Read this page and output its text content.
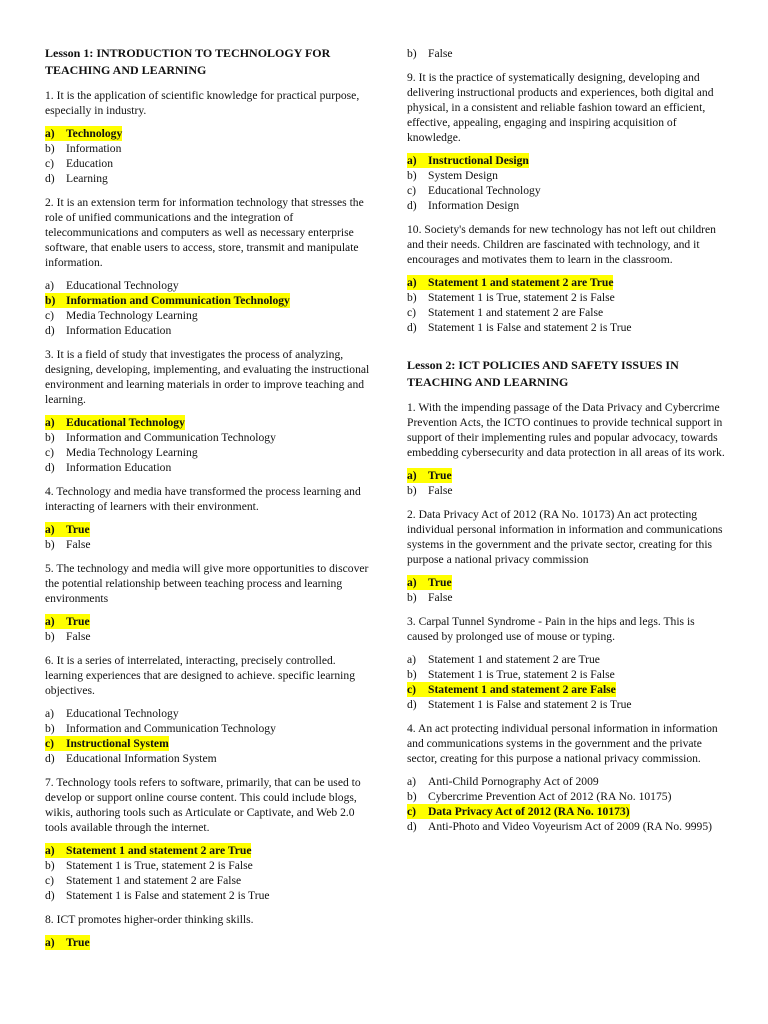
Lesson 1: INTRODUCTION TO TECHNOLOGY FOR TEACHING AND LEARNING
1. It is the application of scientific knowledge for practical purpose, especially in industry.
a) Technology
b) Information
c)	Education
d) Learning
2. It is an extension term for information technology that stresses the role of unified communications and the integration of telecommunications and computers as well as necessary enterprise software, that enable users to access, store, transmit and manipulate information.
a)	Educational Technology
b) Information and Communication Technology
c)	Media Technology Learning
d) Information Education
3. It is a field of study that investigates the process of analyzing, designing, developing, implementing, and evaluating the instructional environment and learning materials in order to improve teaching and learning.
a) Educational Technology
b) Information and Communication Technology
c)	Media Technology Learning
d) Information Education
4. Technology and media have transformed the process learning and interacting of learners with their environment.
a) True
b) False
5. The technology and media will give more opportunities to discover the potential relationship between teaching process and learning environments
a) True
b) False
6. It is a series of interrelated, interacting, precisely controlled. learning experiences that are designed to achieve. specific learning objectives.
a)	Educational Technology
b) Information and Communication Technology
c)	Instructional System
d) Educational Information System
7. Technology tools refers to software, primarily, that can be used to develop or support online course content. This could include blogs, wikis, authoring tools such as Articulate or Captivate, and Web 2.0 tools available through the internet.
a) Statement 1 and statement 2 are True
b) Statement 1 is True, statement 2 is False
c)	Statement 1 and statement 2 are False
d) Statement 1 is False and statement 2 is True
8. ICT promotes higher-order thinking skills.
a) True
b) False
9. It is the practice of systematically designing, developing and delivering instructional products and experiences, both digital and physical, in a consistent and reliable fashion toward an efficient, effective, appealing, engaging and inspiring acquisition of knowledge.
a) Instructional Design
b) System Design
c)	Educational Technology
d) Information Design
10. Society's demands for new technology has not left out children and their needs. Children are fascinated with technology, and it encourages and motivates them to learn in the classroom.
a) Statement 1 and statement 2 are True
b) Statement 1 is True, statement 2 is False
c)	Statement 1 and statement 2 are False
d) Statement 1 is False and statement 2 is True
Lesson 2: ICT POLICIES AND SAFETY ISSUES IN TEACHING AND LEARNING
1. With the impending passage of the Data Privacy and Cybercrime Prevention Acts, the ICTO continues to provide technical support in support of their implementing rules and popular advocacy, towards embedding cybersecurity and data protection in all areas of its work.
a) True
b) False
2. Data Privacy Act of 2012 (RA No. 10173) An act protecting individual personal information in information and communications systems in the government and the private sector, creating for this purpose a national privacy commission
a) True
b) False
3. Carpal Tunnel Syndrome - Pain in the hips and legs. This is caused by prolonged use of mouse or typing.
a)	Statement 1 and statement 2 are True
b) Statement 1 is True, statement 2 is False
c)	Statement 1 and statement 2 are False
d) Statement 1 is False and statement 2 is True
4. An act protecting individual personal information in information and communications systems in the government and the private sector, creating for this purpose a national privacy commission.
a)	Anti-Child Pornography Act of 2009
b) Cybercrime Prevention Act of 2012 (RA No. 10175)
c)	Data Privacy Act of 2012 (RA No. 10173)
d) Anti-Photo and Video Voyeurism Act of 2009 (RA No. 9995)
